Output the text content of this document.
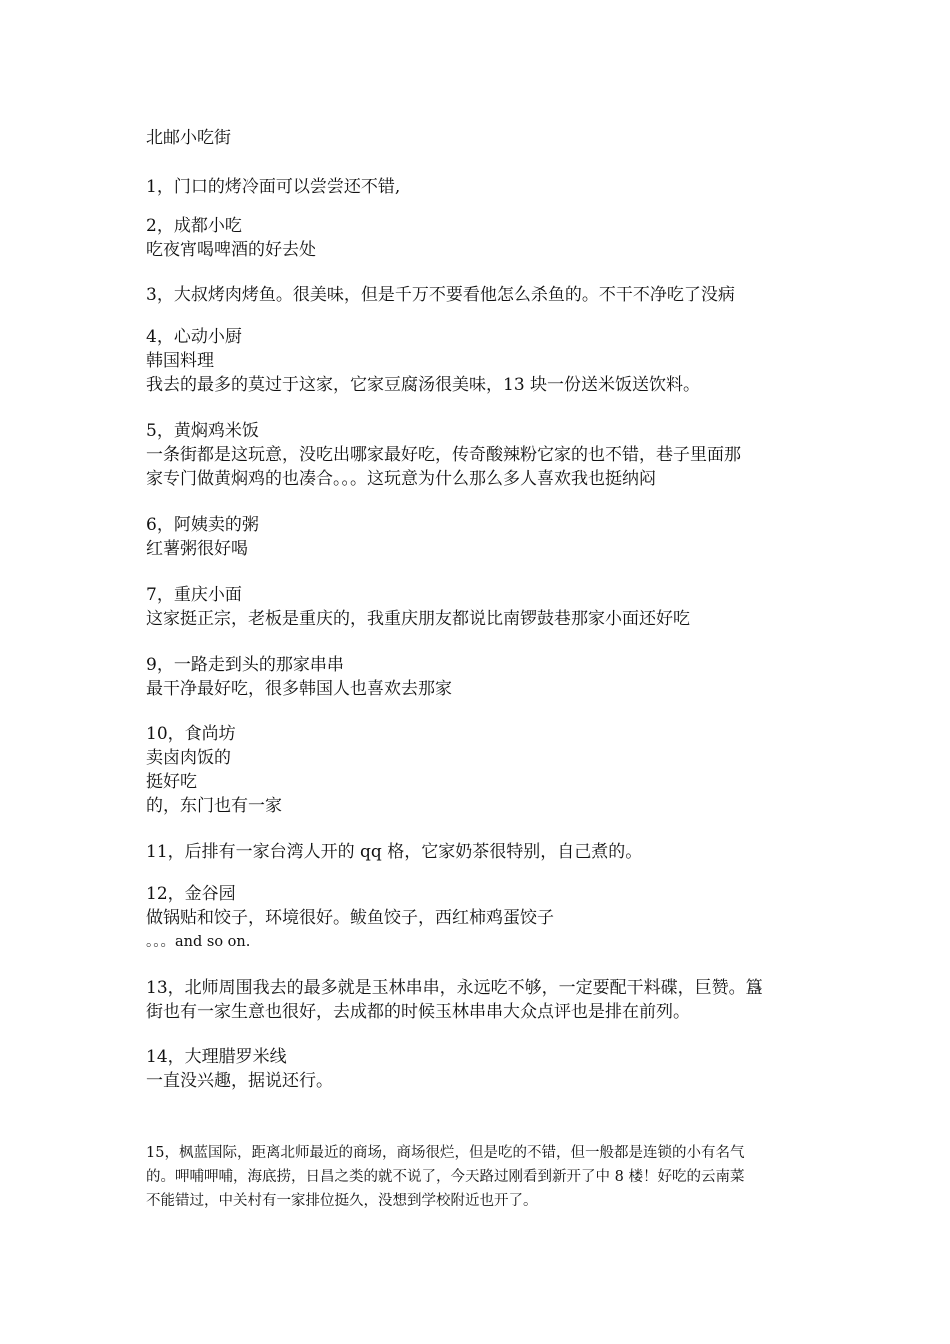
北邮小吃街
1，门口的烤冷面可以尝尝还不错,
2，成都小吃
吃夜宵喝啤酒的好去处
3，大叔烤肉烤鱼。很美味，但是千万不要看他怎么杀鱼的。不干不净吃了没病
4，心动小厨
韩国料理
我去的最多的莫过于这家，它家豆腐汤很美味，13 块一份送米饭送饮料。
5，黄焖鸡米饭
一条街都是这玩意，没吃出哪家最好吃，传奇酸辣粉它家的也不错，巷子里面那
家专门做黄焖鸡的也凑合。。。这玩意为什么那么多人喜欢我也挺纳闷
6，阿姨卖的粥
红薯粥很好喝
7，重庆小面
这家挺正宗，老板是重庆的，我重庆朋友都说比南锣鼓巷那家小面还好吃
9，一路走到头的那家串串
最干净最好吃，很多韩国人也喜欢去那家
10，食尚坊
卖卤肉饭的
挺好吃
的，东门也有一家
11，后排有一家台湾人开的 qq 格，它家奶茶很特别，自己煮的。
12，金谷园
做锅贴和饺子，环境很好。鲅鱼饺子，西红柿鸡蛋饺子
。。。and so on.
13，北师周围我去的最多就是玉林串串，永远吃不够，一定要配干料碟，巨赞。簋
街也有一家生意也很好，去成都的时候玉林串串大众点评也是排在前列。
14，大理腊罗米线
一直没兴趣，据说还行。
15，枫蓝国际，距离北师最近的商场，商场很烂，但是吃的不错，但一般都是连锁的小有名气
的。呷哺呷哺，海底捞，日昌之类的就不说了，今天路过刚看到新开了中 8 楼！好吃的云南菜
不能错过，中关村有一家排位挺久，没想到学校附近也开了。
